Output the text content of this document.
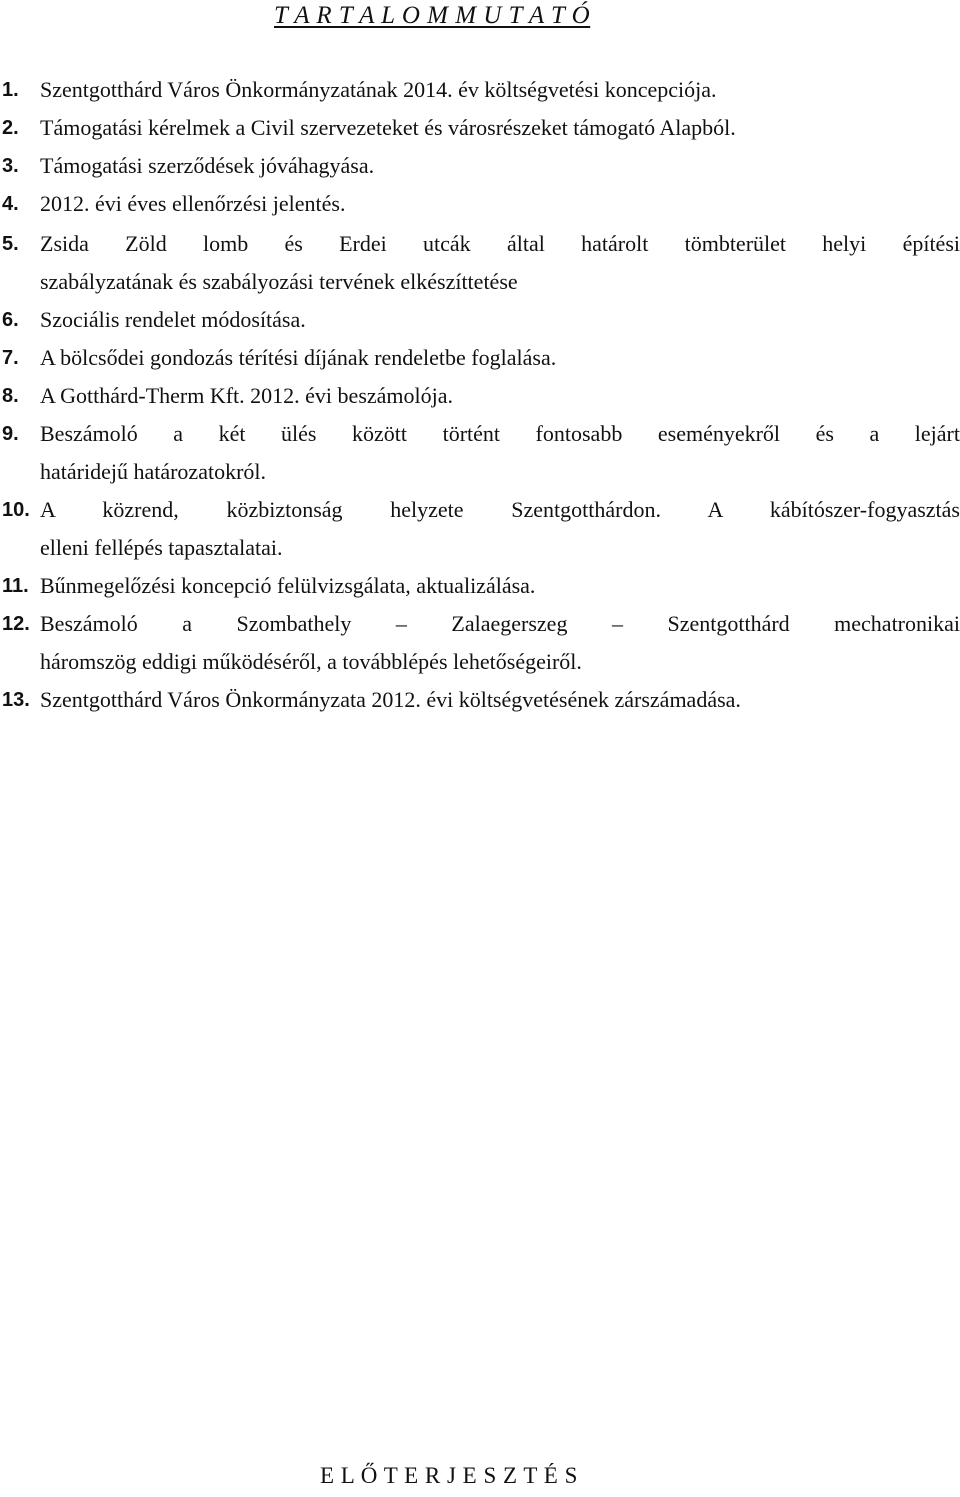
T A R T A L O M M U T A T Ó
1. Szentgotthárd Város Önkormányzatának 2014. év költségvetési koncepciója.
2. Támogatási kérelmek a Civil szervezeteket és városrészeket támogató Alapból.
3. Támogatási szerződések jóváhagyása.
4. 2012. évi éves ellenőrzési jelentés.
5. Zsida Zöld lomb és Erdei utcák által határolt tömbterület helyi építési
szabályzatának és szabályozási tervének elkészíttetése
6. Szociális rendelet módosítása.
7. A bölcsődei gondozás térítési díjának rendeletbe foglalása.
8. A Gotthárd-Therm Kft. 2012. évi beszámolója.
9. Beszámoló a két ülés között történt fontosabb eseményekről és a lejárt
határidejű határozatokról.
10. A közrend, közbiztonság helyzete Szentgotthárdon. A kábítószer-fogyasztás
elleni fellépés tapasztalatai.
11. Bűnmegelőzési koncepció felülvizsgálata, aktualizálása.
12. Beszámoló a Szombathely – Zalaegerszeg – Szentgotthárd mechatronikai
háromszög eddigi működéséről, a továbblépés lehetőségeiről.
13. Szentgotthárd Város Önkormányzata 2012. évi költségvetésének zárszámadása.
E L Ő T E R J E S Z T É S
